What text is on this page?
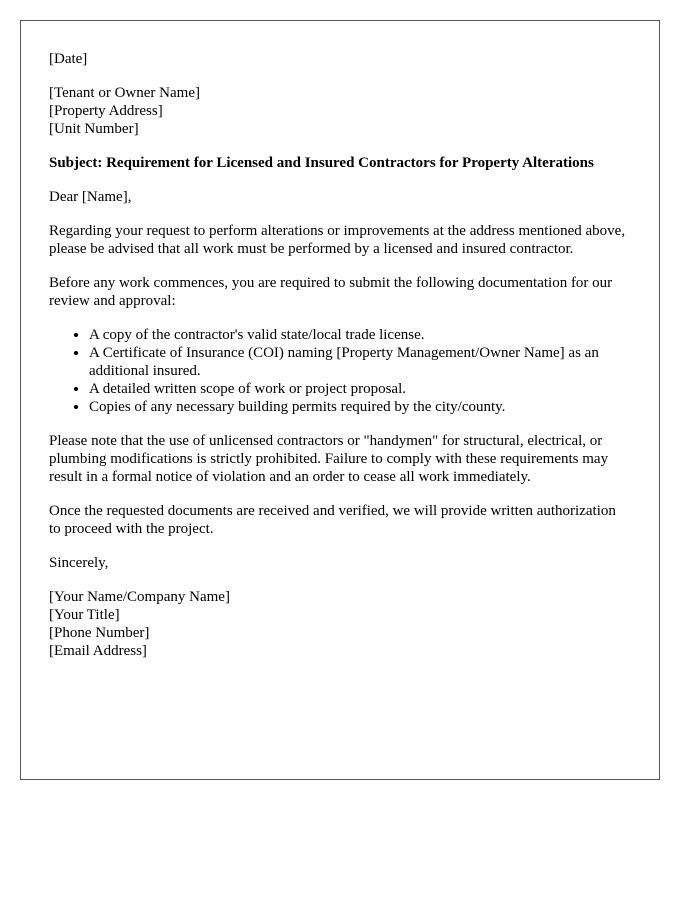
[Date]

[Tenant or Owner Name]

[Property Address]

[Unit Number]

Subject: Requirement for Licensed and Insured Contractors for Property Alterations

Dear [Name],

Regarding your request to perform alterations or improvements at the address mentioned above, please be advised that all work must be performed by a licensed and insured contractor.

Before any work commences, you are required to submit the following documentation for our review and approval:

• A copy of the contractor's valid state/local trade license.
• A Certificate of Insurance (COI) naming [Property Management/Owner Name] as an additional insured.
• A detailed written scope of work or project proposal.
• Copies of any necessary building permits required by the city/county.

Please note that the use of unlicensed contractors or "handymen" for structural, electrical, or plumbing modifications is strictly prohibited. Failure to comply with these requirements may result in a formal notice of violation and an order to cease all work immediately.

Once the requested documents are received and verified, we will provide written authorization to proceed with the project.

Sincerely,

[Your Name/Company Name]

[Your Title]

[Phone Number]

[Email Address]
